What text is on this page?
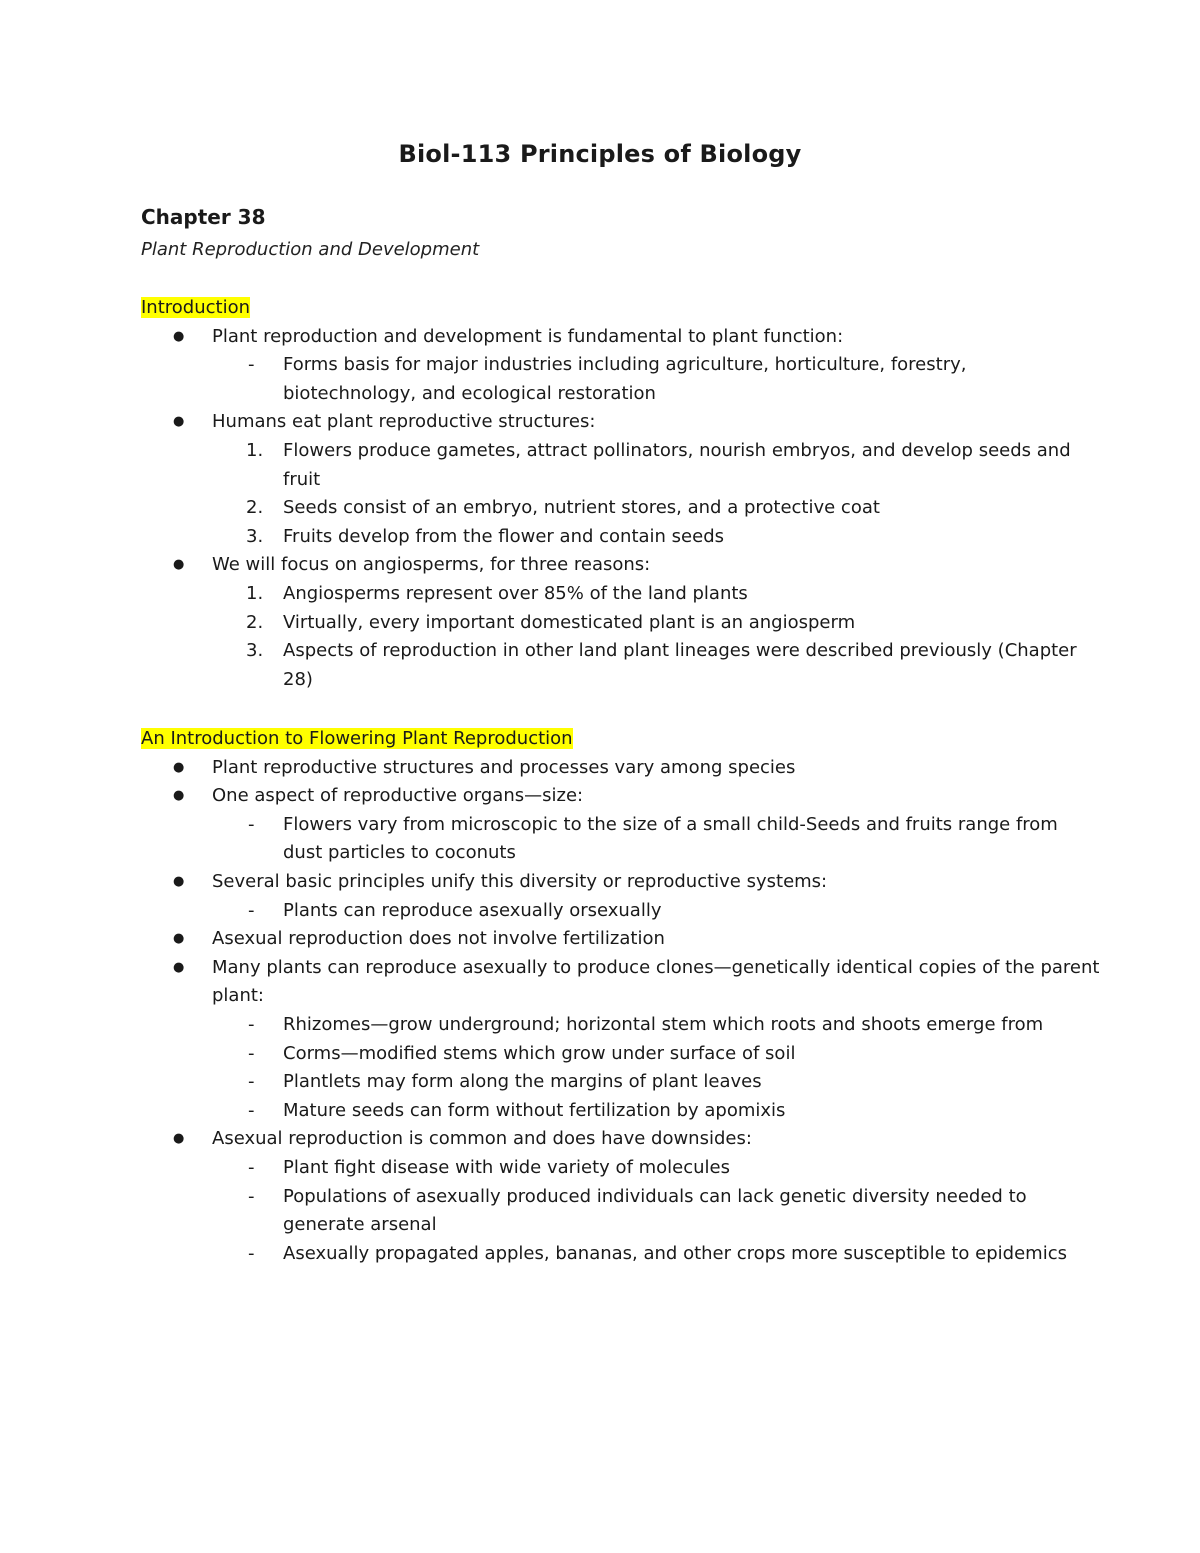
Biol-113 Principles of Biology
Chapter 38
Plant Reproduction and Development
Introduction
● Plant reproduction and development is fundamental to plant function:
- Forms basis for major industries including agriculture, horticulture, forestry, biotechnology, and ecological restoration
● Humans eat plant reproductive structures:
1. Flowers produce gametes, attract pollinators, nourish embryos, and develop seeds and fruit
2. Seeds consist of an embryo, nutrient stores, and a protective coat
3. Fruits develop from the flower and contain seeds
● We will focus on angiosperms, for three reasons:
1. Angiosperms represent over 85% of the land plants
2. Virtually, every important domesticated plant is an angiosperm
3. Aspects of reproduction in other land plant lineages were described previously (Chapter 28)
An Introduction to Flowering Plant Reproduction
● Plant reproductive structures and processes vary among species
● One aspect of reproductive organs—size:
- Flowers vary from microscopic to the size of a small child-Seeds and fruits range from dust particles to coconuts
● Several basic principles unify this diversity or reproductive systems:
- Plants can reproduce asexually orsexually
● Asexual reproduction does not involve fertilization
● Many plants can reproduce asexually to produce clones—genetically identical copies of the parent plant:
- Rhizomes—grow underground; horizontal stem which roots and shoots emerge from
- Corms—modified stems which grow under surface of soil
- Plantlets may form along the margins of plant leaves
- Mature seeds can form without fertilization by apomixis
● Asexual reproduction is common and does have downsides:
- Plant fight disease with wide variety of molecules
- Populations of asexually produced individuals can lack genetic diversity needed to generate arsenal
- Asexually propagated apples, bananas, and other crops more susceptible to epidemics
